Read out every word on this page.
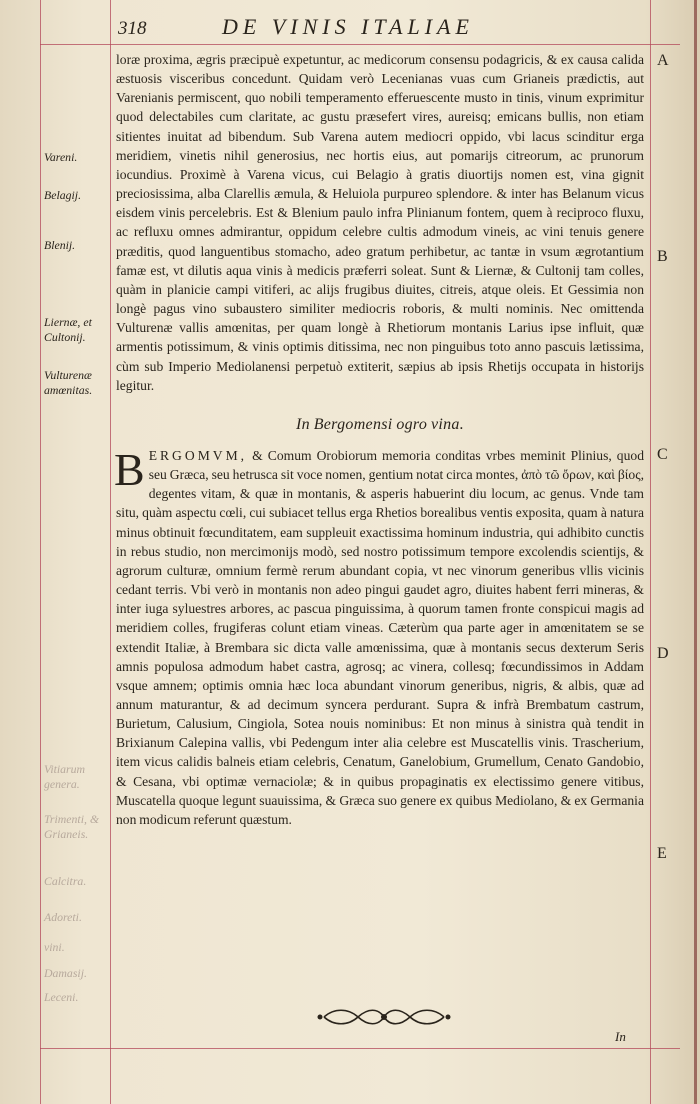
318	DE VINIS ITALIAE
Vareni.
Belagij.
Blenij.
Liernæ, et Cultonij.
Vulturenæ amœnitas.
Vitiarum genera.
Trimenti, & Grianeis.
Calcitra.
Adoreti.
vini.
Damasij.
Leceni.
A
B
C
D
E

loræ proxima, ægris præcipuè expetuntur, ac medicorum consensu podagricis, & ex causa calida æstuosis visceribus concedunt. Quidam verò Lecenianas vuas cum Grianeis prædictis, aut Varenianis permiscent, quo nobili temperamento efferuescente musto in tinis, vinum exprimitur quod delectabiles cum claritate, ac gustu præsefert vires, aureisq; emicans bullis, non etiam sitientes inuitat ad bibendum. Sub Varena autem mediocri oppido, vbi lacus scinditur erga meridiem, vinetis nihil generosius, nec hortis eius, aut pomarijs citreorum, ac prunorum iocundius. Proximè à Varena vicus, cui Belagio à gratis diuortijs nomen est, vina gignit preciosissima, alba Clarellis æmula, & Heluiola purpureo splendore. & inter has Belanum vicus eisdem vinis percelebris. Est & Blenium paulo infra Plinianum fontem, quem à reciproco fluxu, ac refluxu omnes admirantur, oppidum celebre cultis admodum vineis, ac vini tenuis genere præditis, quod languentibus stomacho, adeo gratum perhibetur, ac tantæ in vsum ægrotantium famæ est, vt dilutis aqua vinis à medicis præferri soleat. Sunt & Liernæ, & Cultonij tam colles, quàm in planicie campi vitiferi, ac alijs frugibus diuites, citreis, atque oleis. Et Gessimia non longè pagus vino subaustero similiter mediocris roboris, & multi nominis. Nec omittenda Vulturenæ vallis amœnitas, per quam longè à Rhetiorum montanis Larius ipse influit, quæ armentis potissimum, & vinis optimis ditissima, nec non pinguibus toto anno pascuis lætissima, cùm sub Imperio Mediolanensi perpetuò extiterit, sæpius ab ipsis Rhetijs occupata in historijs legitur.

In Bergomensi ogro vina.

BERGOMVM, & Comum Orobiorum memoria conditas vrbes meminit Plinius, quod seu Græca, seu hetrusca sit voce nomen, gentium notat circa montes, ἀπὸ τῶ ὄρων, καὶ βίος, degentes vitam, & quæ in montanis, & asperis habuerint diu locum, ac genus. Vnde tam situ, quàm aspectu cœli, cui subiacet tellus erga Rhetios borealibus ventis exposita, quam à natura minus obtinuit fœcunditatem, eam suppleuit exactissima hominum industria, qui adhibito cunctis in rebus studio, non mercimonijs modò, sed nostro potissimum tempore excolendis scientijs, & agrorum culturæ, omnium fermè rerum abundant copia, vt nec vinorum generibus vllis vicinis cedant terris. Vbi verò in montanis non adeo pingui gaudet agro, diuites habent ferri mineras, & inter iuga syluestres arbores, ac pascua pinguissima, à quorum tamen fronte conspicui magis ad meridiem colles, frugiferas colunt etiam vineas. Cæterùm qua parte ager in amœnitatem se se extendit Italiæ, à Brembara sic dicta valle amœnissima, quæ à montanis secus dexterum Seris amnis populosa admodum habet castra, agrosq; ac vinera, collesq; fœcundissimos in Addam vsque amnem; optimis omnia hæc loca abundant vinorum generibus, nigris, & albis, quæ ad annum maturantur, & ad decimum syncera perdurant. Supra & infrà Brembatum castrum, Burietum, Calusium, Cingiola, Sotea nouis nominibus: Et non minus à sinistra quà tendit in Brixianum Calepina vallis, vbi Pedengum inter alia celebre est Muscatellis vinis. Trascherium, item vicus calidis balneis etiam celebris, Cenatum, Ganelobium, Grumellum, Cenato Gandobio, & Cesana, vbi optimæ vernaciolæ; & in quibus propaginatis ex electissimo genere vitibus, Muscatella quoque legunt suauissima, & Græca suo genere ex quibus Mediolano, & ex Germania non modicum referunt quæstum.

In
